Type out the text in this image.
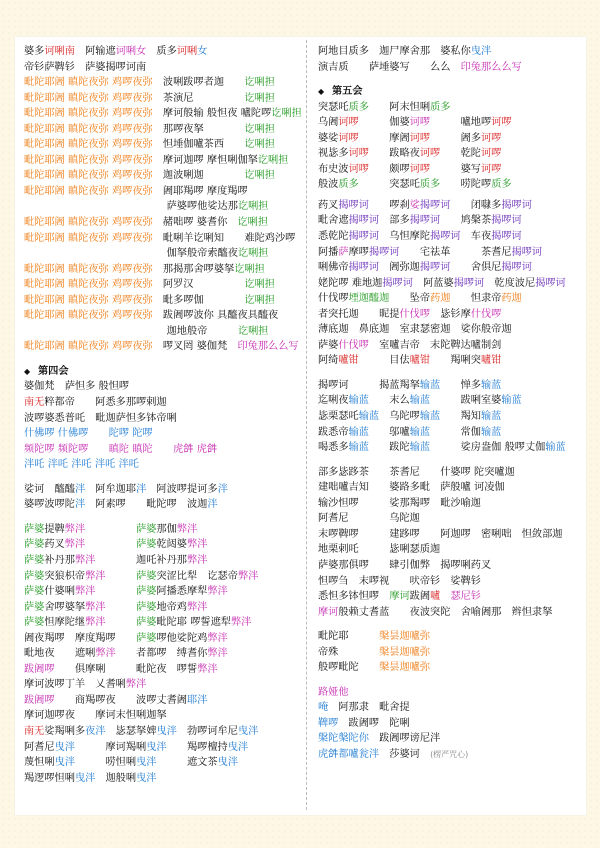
婆多诃唎南　阿输遮诃唎女　质多诃唎女
帝钐萨鞞钐　萨婆揭啰诃南
毗陀耶阇 瞋陀夜弥 鸡啰夜弥　波唎跋啰者迦　　讫唎担
毗陀耶阇 瞋陀夜弥 鸡啰夜弥　茶演尼　　　　　讫唎担
毗陀耶阇 瞋陀夜弥 鸡啰夜弥　摩诃般输 般怛夜 嚧陀啰讫唎担
毗陀耶阇 瞋陀夜弥 鸡啰夜弥　那啰夜拏　　　　讫唎担
毗陀耶阇 瞋陀夜弥 鸡啰夜弥　怛埵伽嚧茶西　　讫唎担
毗陀耶阇 瞋陀夜弥 鸡啰夜弥　摩诃迦啰 摩怛唎伽拏讫唎担
毗陀耶阇 瞋陀夜弥 鸡啰夜弥　迦波唎迦　　　　讫唎担
毗陀耶阇 瞋陀夜弥 鸡啰夜弥　阇耶羯啰 摩度羯啰
　　　　　　　　　　　　　　萨婆啰他娑达那讫唎担
毗陀耶阇 瞋陀夜弥 鸡啰夜弥　赭咄啰 婆耆你　讫唎担
毗陀耶阇 瞋陀夜弥 鸡啰夜弥　毗唎羊讫唎知　　难陀鸡沙啰
　　　　　　　　　　　　　　伽拏般帝索醯夜讫唎担
毗陀耶阇 瞋陀夜弥 鸡啰夜弥　那揭那舍啰婆拏讫唎担
毗陀耶阇 瞋陀夜弥 鸡啰夜弥　阿罗汉　　　　　讫唎担
毗陀耶阇 瞋陀夜弥 鸡啰夜弥　毗多啰伽　　　　讫唎担
毗陀耶阇 瞋陀夜弥 鸡啰夜弥　跋阇啰波你 具醯夜具醯夜
　　　　　　　　　　　　　　迦地般帝　　　讫唎担
毗陀耶阇 瞋陀夜弥 鸡啰夜弥　啰叉罔 婆伽梵　印兔那么么写
◆ 第四会
婆伽梵　萨怛多 般怛啰
南无粹都帝　　阿悉多那啰剌迦
波啰婆悉普吒　毗迦萨怛多钵帝唎
什佛啰 什佛啰　　陀啰 陀啰
频陀啰 频陀啰　　瞋陀 瞋陀　　虎𤙖 虎𤙖
泮吒 泮吒 泮吒 泮吒 泮吒
娑诃　醯醯泮　阿牟迦耶泮　阿波啰提诃多泮
婆啰波啰陀泮　阿素啰　　毗陀啰　波迦泮
萨婆提鞞弊泮　　　　　	萨婆那伽弊泮
萨婆药叉弊泮　　　　　	萨婆乾闼婆弊泮
萨婆补丹那弊泮　　　　迦吒补丹那弊泮
萨婆突狼枳帝弊泮　　　	萨婆突涩比犁　讫瑟帝弊泮
萨婆什婆唎弊泮　　　　	萨婆阿播悉摩犁弊泮
萨婆舍啰婆拏弊泮　　　	萨婆地帝鸡弊泮
萨婆怛摩陀继弊泮　　　	萨婆毗陀耶 啰誓遮犁弊泮
阇夜羯啰　摩度羯啰　　萨婆啰他娑陀鸡弊泮
毗地夜　　遮唎弊泮　　者都啰　缚耆你弊泮
跋阇啰　　俱摩唎　　　毗陀夜　啰誓弊泮
摩诃波啰丁羊　乂耆唎弊泮
跋阇啰　　商羯啰夜　　波啰丈耆阇耶泮
摩诃迦啰夜　　摩诃末怛唎迦拏
南无娑羯唎多夜泮　毖瑟拏婢曳泮　勃啰诃牟尼曳泮
阿耆尼曳泮　　　摩诃羯唎曳泮　　羯啰檀持曳泮
蔑怛唎曳泮　　　唠怛唎曳泮　　　遮文茶曳泮
羯逻啰怛唎曳泮　迦般唎曳泮
阿地目质多　迦尸摩舍那　婆私你曳泮
演吉质　　萨埵婆写　　么么　印兔那么么写
◆ 第五会
突瑟吒质多　　阿末怛唎质多
乌阇诃啰　　　伽婆诃啰　　　嚧地啰诃啰
婆娑诃啰　　　摩阇诃啰　　　阇多诃啰
视毖多诃啰　　跋略夜诃啰　　乾陀诃啰
布史波诃啰　　颇啰诃啰　　　婆写诃啰
般波质多　　　突瑟吒质多　　唠陀啰质多
药叉揭啰诃　　啰刹娑揭啰诃　　闭㘑多揭啰诃
毗舍遮揭啰诃　部多揭啰诃　　鸠槃茶揭啰诃
悉乾陀揭啰诃　乌怛摩陀揭啰诃　车夜揭啰诃
阿播萨摩啰揭啰诃　　宅祛革　　　茶耆尼揭啰诃
唎佛帝揭啰诃　阇弥迦揭啰诃　　舍俱尼揭啰诃
姥陀啰 难地迦揭啰诃　阿蓝婆揭啰诃　乾度波尼揭啰诃
什伐啰堙迦醯迦　　坠帝药迦　　怛隶帝药迦
者突托迦　　昵提什伐啰　毖钐摩什伐啰
薄底迦　鼻底迦　室隶瑟密迦　娑你般帝迦
萨婆什伐啰　室嚧吉帝　末陀鞞达嚧制剑
阿绮嚧钳　　　目佉嚧钳　　羯唎突嚧钳
揭啰诃　　　揭蓝羯拏输蓝　　惮多输蓝
迄唎夜输蓝　　末么输蓝　　　跋唎室婆输蓝
毖栗瑟吒输蓝　乌陀啰输蓝　　羯知输蓝
跋悉帝输蓝　　邬嚧输蓝　　　常伽输蓝
喝悉多输蓝　　跋陀输蓝　　　娑房盎伽 般啰丈伽输蓝
部多毖跢茶　　茶耆尼　　什婆啰 陀突嚧迦
建咄嚧吉知　　婆路多毗　萨般嚧 诃凌伽
输沙怛啰　　　娑那羯啰　毗沙喻迦
阿耆尼　　　　乌陀迦
末啰鞞啰　　　建跢啰　　阿迦啰　密唎咄　怛敛部迦
地栗剌吒　　　毖唎瑟质迦
萨婆那俱啰　　肆引伽弊　揭啰唎药叉
怛啰刍　末啰视　　吠帝钐　娑鞞钐
悉怛多钵怛啰　摩诃跋阇嚧　 瑟尼钐
摩诃般赖丈耆蓝　　夜波突陀　舍喻阇那　辫怛隶拏
毗陀耶　　　槃昙迦嚧弥
帝殊　　　　槃昙迦嚧弥
般啰毗陀　　槃昙迦嚧弥
路娅他
唵　阿那隶　毗舍提
鞞啰　跋阇啰　陀唎
槃陀槃陀你　跋阇啰谤尼泮
虎𤙖都嚧瓮泮　莎婆诃　(楞严咒心)
